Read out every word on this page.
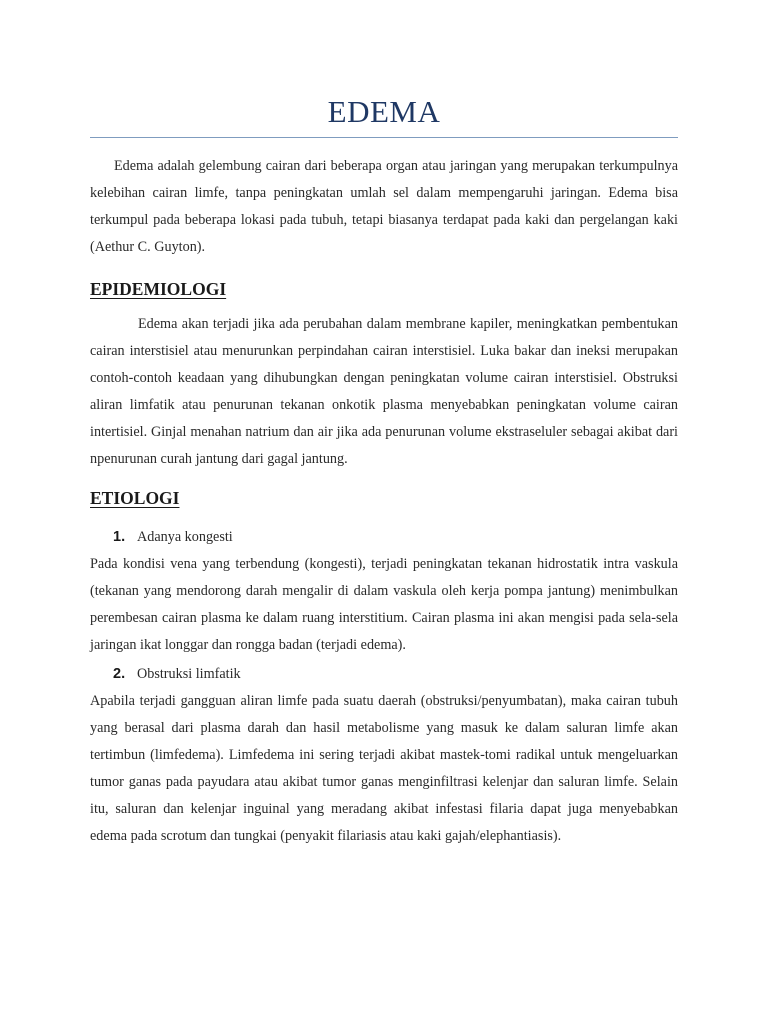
EDEMA

Edema adalah gelembung cairan dari beberapa organ atau jaringan yang merupakan terkumpulnya kelebihan cairan limfe, tanpa peningkatan umlah sel dalam mempengaruhi jaringan. Edema bisa terkumpul pada beberapa lokasi pada tubuh, tetapi biasanya terdapat pada kaki dan pergelangan kaki (Aethur C. Guyton).

EPIDEMIOLOGI

Edema akan terjadi jika ada perubahan dalam membrane kapiler, meningkatkan pembentukan cairan interstisiel atau menurunkan perpindahan cairan interstisiel. Luka bakar dan ineksi merupakan contoh-contoh keadaan yang dihubungkan dengan peningkatan volume cairan interstisiel. Obstruksi aliran limfatik atau penurunan tekanan onkotik plasma menyebabkan peningkatan volume cairan intertisiel. Ginjal menahan natrium dan air jika ada penurunan volume ekstraseluler sebagai akibat dari npenurunan curah jantung dari gagal jantung.

ETIOLOGI
1. Adanya kongesti

Pada kondisi vena yang terbendung (kongesti), terjadi peningkatan tekanan hidrostatik intra vaskula (tekanan yang mendorong darah mengalir di dalam vaskula oleh kerja pompa jantung) menimbulkan perembesan cairan plasma ke dalam ruang interstitium. Cairan plasma ini akan mengisi pada sela-sela jaringan ikat longgar dan rongga badan (terjadi edema).

2. Obstruksi limfatik

Apabila terjadi gangguan aliran limfe pada suatu daerah (obstruksi/penyumbatan), maka cairan tubuh yang berasal dari plasma darah dan hasil metabolisme yang masuk ke dalam saluran limfe akan tertimbun (limfedema). Limfedema ini sering terjadi akibat mastek-tomi radikal untuk mengeluarkan tumor ganas pada payudara atau akibat tumor ganas menginfiltrasi kelenjar dan saluran limfe. Selain itu, saluran dan kelenjar inguinal yang meradang akibat infestasi filaria dapat juga menyebabkan edema pada scrotum dan tungkai (penyakit filariasis atau kaki gajah/elephantiasis).
